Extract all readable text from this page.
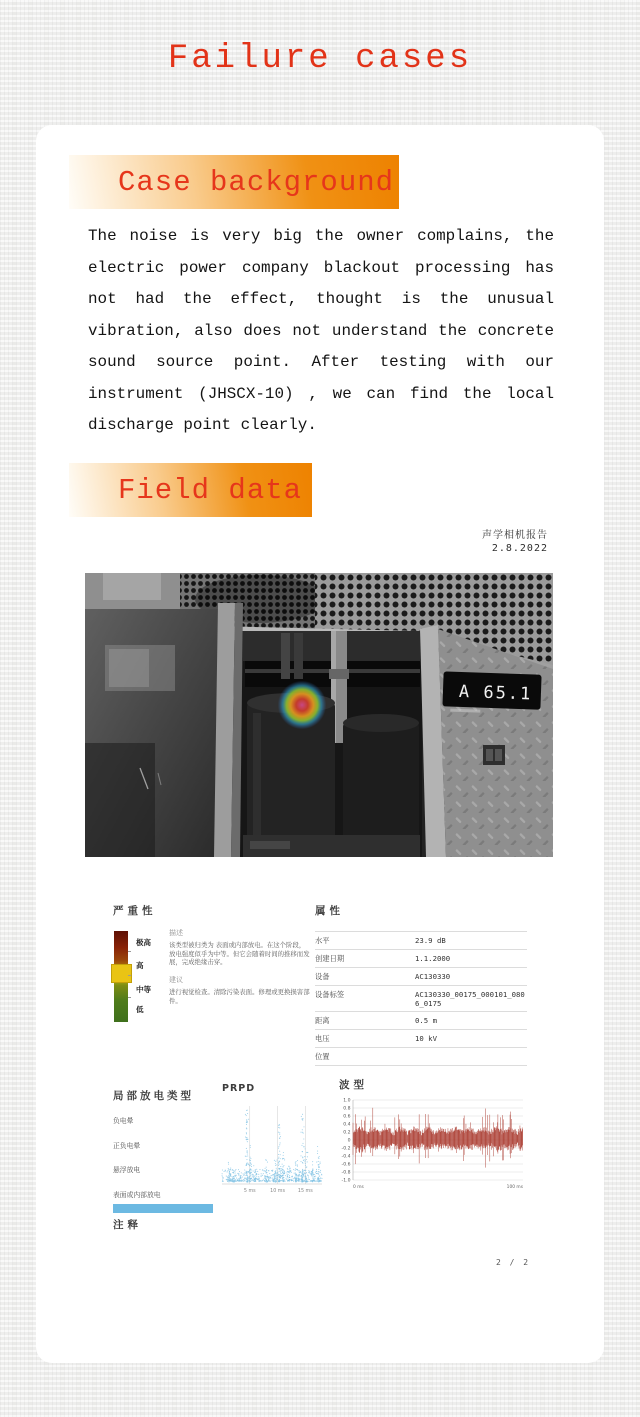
Failure cases
Case background

The noise is very big the owner complains, the electric power company blackout processing has not had the effect, thought is the unusual vibration, also does not understand the concrete sound source point. After testing with our instrument (JHSCX-10) , we can find the local discharge point clearly.

Field data
声学相机报告
2.8.2022
A 65.1
严重性
极高
高
中等
低

描述

该类型被归类为 表面或内部放电。在这个阶段，放电强度似乎为中等。但它会随着时间的推移而发展，完成绝缘击穿。

建议

进行视觉检查。清除污染表面。修理或更换损害部件。

属性
水平	23.9 dB
创建日期	1.1.2000
设备	AC130330
设备标签	AC130330_00175_000101_0806_0175
距离	0.5 m
电压	10 kV
位置
局部放电类型
负电晕
正负电晕
悬浮放电
表面或内部放电
PRPD
5 ms	10 ms	15 ms
波型
1.0
0.8
0.6
0.4
0.2
0
-0.2
-0.4
-0.6
-0.8
-1.0
0 ms	100 ms
注释
2 / 2
